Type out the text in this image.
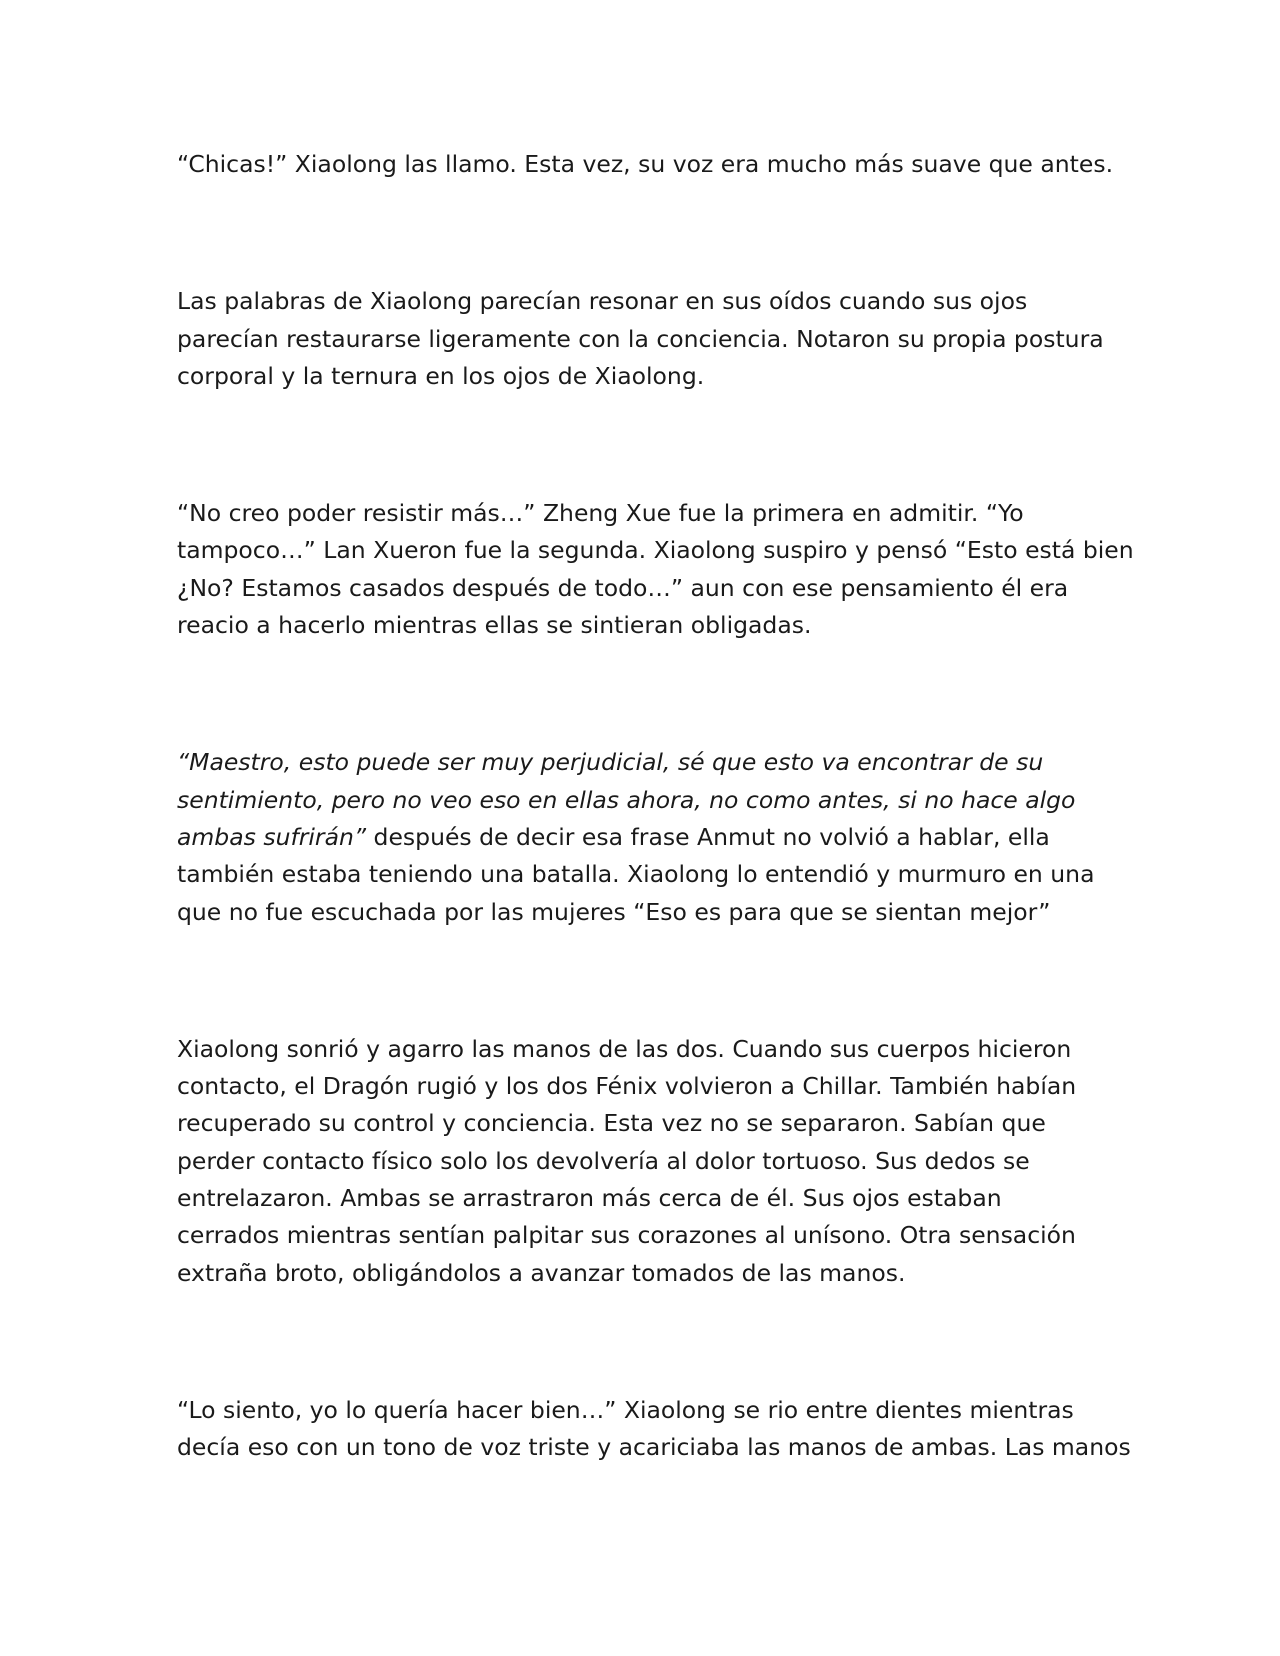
“Chicas!” Xiaolong las llamo. Esta vez, su voz era mucho más suave que antes.

Las palabras de Xiaolong parecían resonar en sus oídos cuando sus ojos
parecían restaurarse ligeramente con la conciencia. Notaron su propia postura
corporal y la ternura en los ojos de Xiaolong.

“No creo poder resistir más…” Zheng Xue fue la primera en admitir. “Yo
tampoco…” Lan Xueron fue la segunda. Xiaolong suspiro y pensó “Esto está bien
¿No? Estamos casados después de todo…” aun con ese pensamiento él era
reacio a hacerlo mientras ellas se sintieran obligadas.

“Maestro, esto puede ser muy perjudicial, sé que esto va encontrar de su
sentimiento, pero no veo eso en ellas ahora, no como antes, si no hace algo
ambas sufrirán” después de decir esa frase Anmut no volvió a hablar, ella
también estaba teniendo una batalla. Xiaolong lo entendió y murmuro en una
que no fue escuchada por las mujeres “Eso es para que se sientan mejor”

Xiaolong sonrió y agarro las manos de las dos. Cuando sus cuerpos hicieron
contacto, el Dragón rugió y los dos Fénix volvieron a Chillar. También habían
recuperado su control y conciencia. Esta vez no se separaron. Sabían que
perder contacto físico solo los devolvería al dolor tortuoso. Sus dedos se
entrelazaron. Ambas se arrastraron más cerca de él. Sus ojos estaban
cerrados mientras sentían palpitar sus corazones al unísono. Otra sensación
extraña broto, obligándolos a avanzar tomados de las manos.

“Lo siento, yo lo quería hacer bien…” Xiaolong se rio entre dientes mientras
decía eso con un tono de voz triste y acariciaba las manos de ambas. Las manos
